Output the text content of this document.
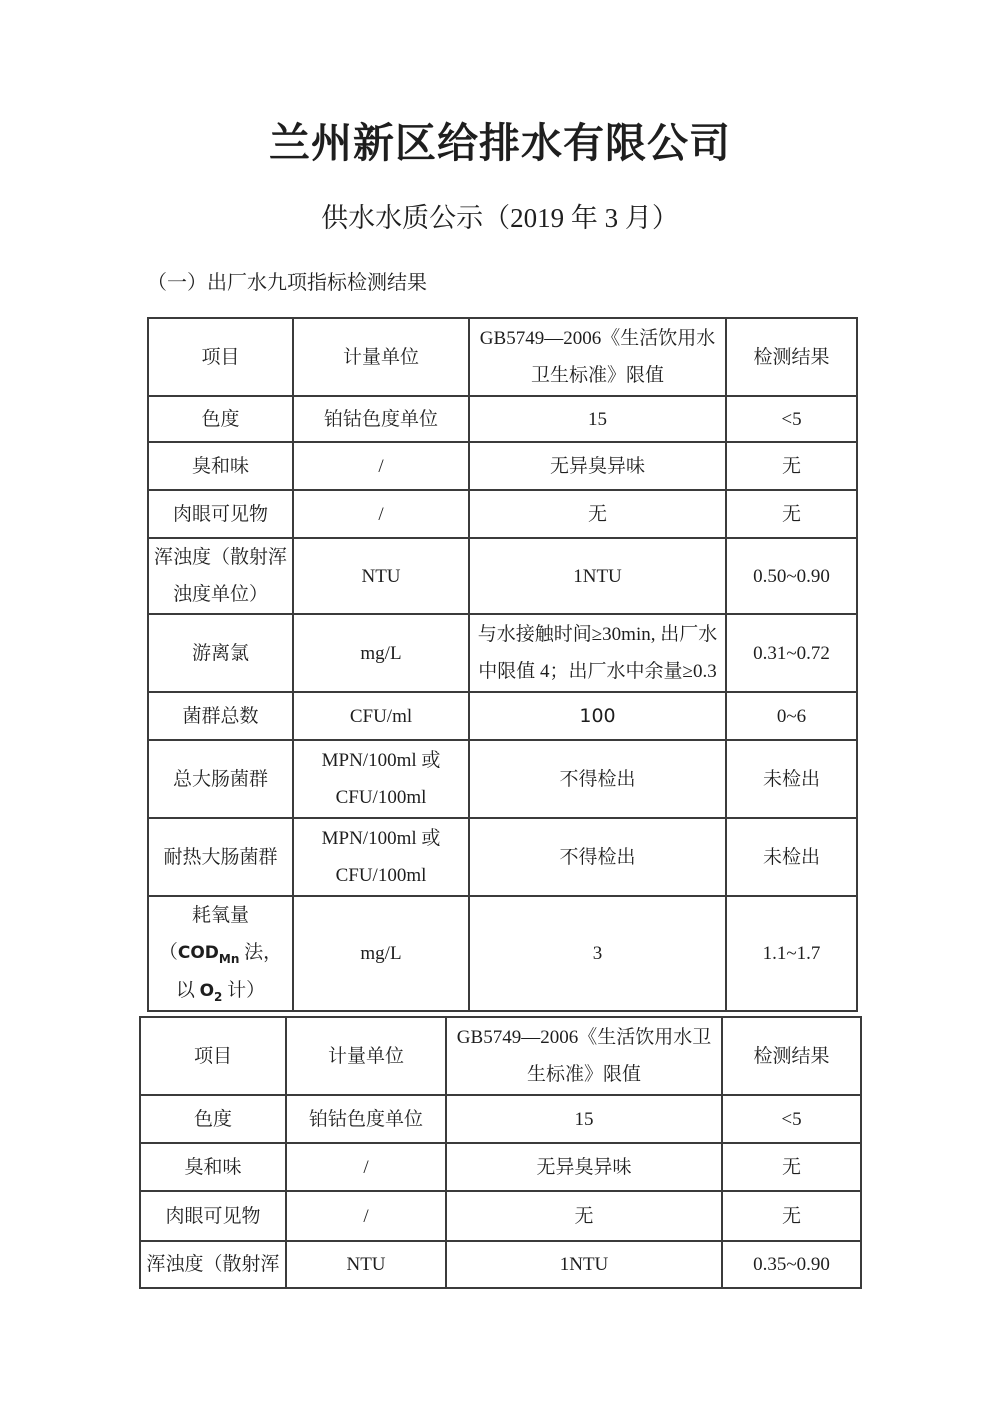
兰州新区给排水有限公司
供水水质公示（2019 年 3 月）
（一）出厂水九项指标检测结果
项目	计量单位	GB5749—2006《生活饮用水卫生标准》限值	检测结果
色度	铂钴色度单位	15	<5
臭和味	/	无异臭异味	无
肉眼可见物	/	无	无
浑浊度（散射浑浊度单位）	NTU	1NTU	0.50~0.90
游离氯	mg/L	与水接触时间≥30min, 出厂水中限值 4；出厂水中余量≥0.3	0.31~0.72
菌群总数	CFU/ml	100	0~6
总大肠菌群	MPN/100ml 或 CFU/100ml	不得检出	未检出
耐热大肠菌群	MPN/100ml 或 CFU/100ml	不得检出	未检出
耗氧量（$COD_{Mn}$ 法，以 $O_2$ 计）	mg/L	3	1.1~1.7
项目	计量单位	GB5749—2006《生活饮用水卫生标准》限值	检测结果
色度	铂钴色度单位	15	<5
臭和味	/	无异臭异味	无
肉眼可见物	/	无	无
浑浊度（散射浑	NTU	1NTU	0.35~0.90
